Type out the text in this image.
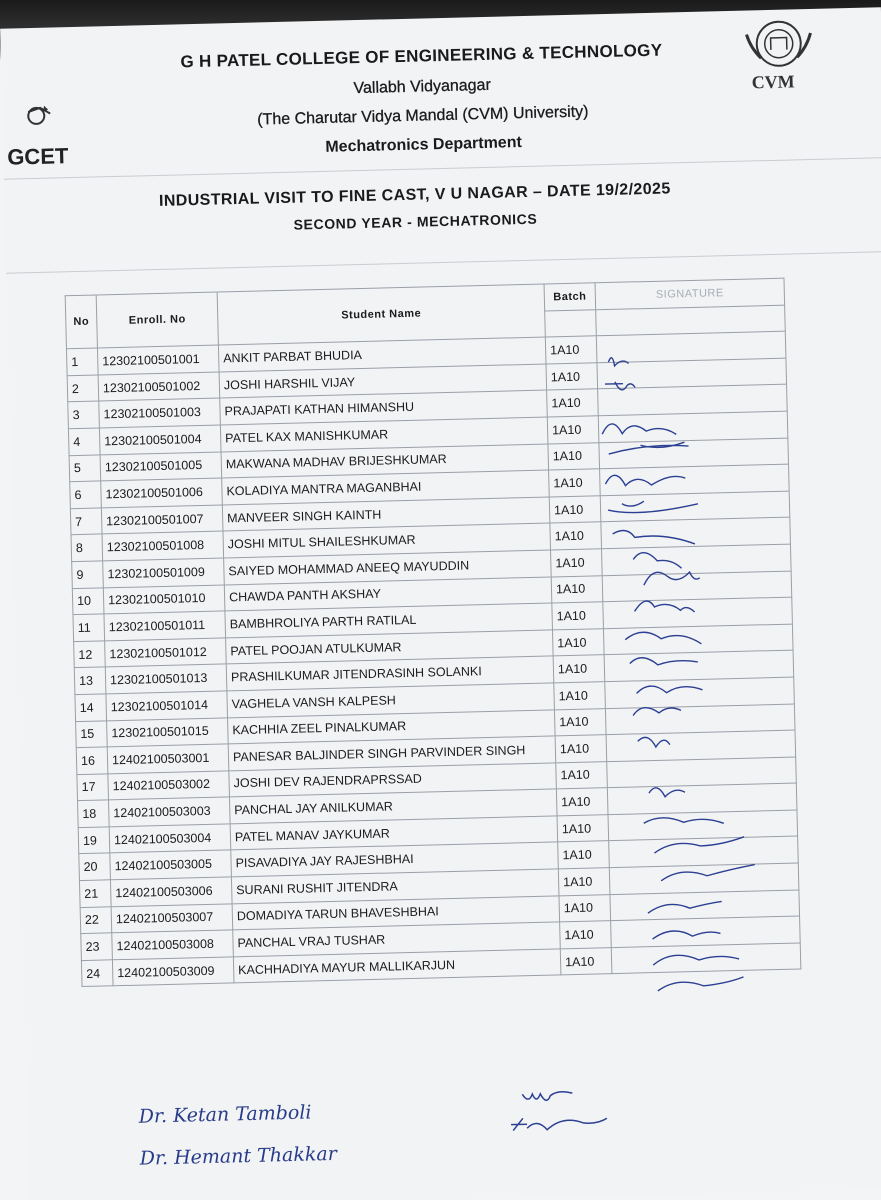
GCET
CVM
G H PATEL COLLEGE OF ENGINEERING & TECHNOLOGY
Vallabh Vidyanagar
(The Charutar Vidya Mandal (CVM) University)
Mechatronics Department
INDUSTRIAL VISIT TO FINE CAST, V U NAGAR – DATE 19/2/2025
SECOND YEAR - MECHATRONICS
No	Enroll. No	Student Name	Batch	SIGNATURE

1	12302100501001	ANKIT PARBAT BHUDIA	1A10	
2	12302100501002	JOSHI HARSHIL VIJAY	1A10	
3	12302100501003	PRAJAPATI KATHAN HIMANSHU	1A10	
4	12302100501004	PATEL KAX MANISHKUMAR	1A10	
5	12302100501005	MAKWANA MADHAV BRIJESHKUMAR	1A10	
6	12302100501006	KOLADIYA MANTRA MAGANBHAI	1A10	
7	12302100501007	MANVEER SINGH KAINTH	1A10	
8	12302100501008	JOSHI MITUL SHAILESHKUMAR	1A10	
9	12302100501009	SAIYED MOHAMMAD ANEEQ MAYUDDIN	1A10	
10	12302100501010	CHAWDA PANTH AKSHAY	1A10	
11	12302100501011	BAMBHROLIYA PARTH RATILAL	1A10	
12	12302100501012	PATEL POOJAN ATULKUMAR	1A10	
13	12302100501013	PRASHILKUMAR JITENDRASINH SOLANKI	1A10	
14	12302100501014	VAGHELA VANSH KALPESH	1A10	
15	12302100501015	KACHHIA ZEEL PINALKUMAR	1A10	
16	12402100503001	PANESAR BALJINDER SINGH PARVINDER SINGH	1A10	
17	12402100503002	JOSHI DEV RAJENDRAPRSSAD	1A10	
18	12402100503003	PANCHAL JAY ANILKUMAR	1A10	
19	12402100503004	PATEL MANAV JAYKUMAR	1A10	
20	12402100503005	PISAVADIYA JAY RAJESHBHAI	1A10	
21	12402100503006	SURANI RUSHIT JITENDRA	1A10	
22	12402100503007	DOMADIYA TARUN BHAVESHBHAI	1A10	
23	12402100503008	PANCHAL VRAJ TUSHAR	1A10	
24	12402100503009	KACHHADIYA MAYUR MALLIKARJUN	1A10	
Dr. Ketan Tamboli
Dr. Hemant Thakkar
